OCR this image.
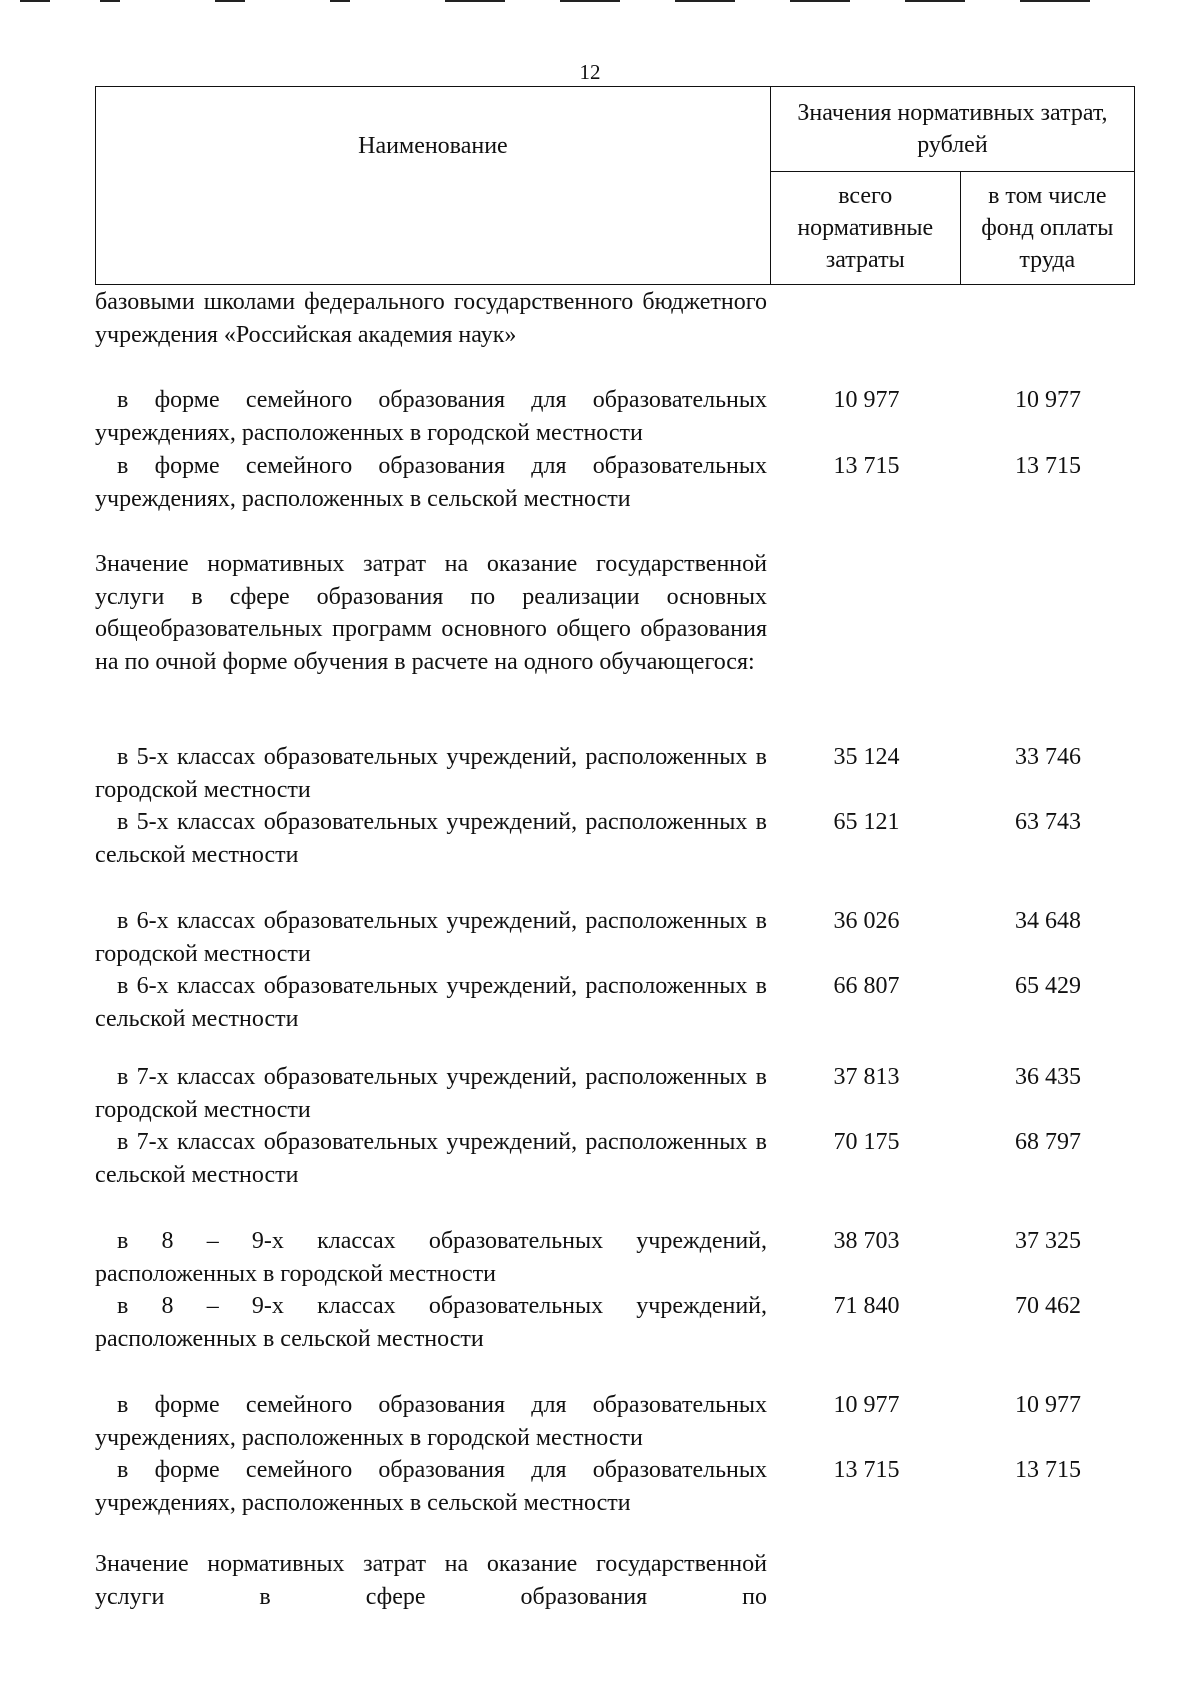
12
Наименование	Значения нормативных затрат, рублей	
	всего нормативные затраты	в том числе фонд оплаты труда
базовыми школами федерального государственного бюджетного учреждения «Российская академия наук»
в форме семейного образования для образовательных учреждениях, расположенных в городской местности
10 977	10 977
в форме семейного образования для образовательных учреждениях, расположенных в сельской местности
13 715	13 715
Значение нормативных затрат на оказание государственной услуги в сфере образования по реализации основных общеобразовательных программ основного общего образования на по очной форме обучения в расчете на одного обучающегося:
в 5-х классах образовательных учреждений, расположенных в городской местности
35 124	33 746
в 5-х классах образовательных учреждений, расположенных в сельской местности
65 121	63 743
в 6-х классах образовательных учреждений, расположенных в городской местности
36 026	34 648
в 6-х классах образовательных учреждений, расположенных в сельской местности
66 807	65 429
в 7-х классах образовательных учреждений, расположенных в городской местности
37 813	36 435
в 7-х классах образовательных учреждений, расположенных в сельской местности
70 175	68 797
в 8 – 9-х классах образовательных учреждений, расположенных в городской местности
38 703	37 325
в 8 – 9-х классах образовательных учреждений, расположенных в сельской местности
71 840	70 462
в форме семейного образования для образовательных учреждениях, расположенных в городской местности
10 977	10 977
в форме семейного образования для образовательных учреждениях, расположенных в сельской местности
13 715	13 715
Значение нормативных затрат на оказание государственной услуги в сфере образования по
